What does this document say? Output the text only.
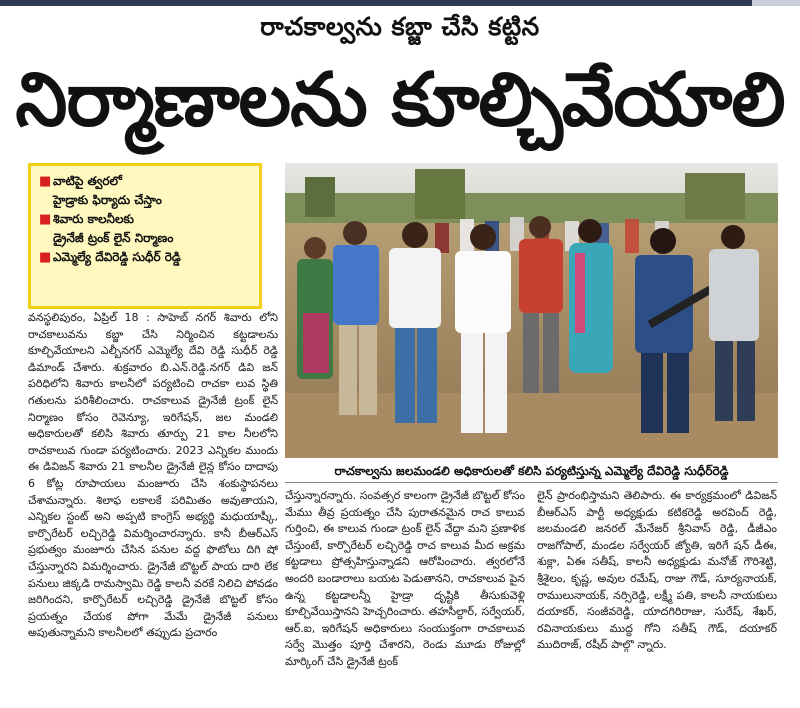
రాచకాల్వను కబ్జా చేసి కట్టిన
నిర్మాణాలను కూల్చివేయాలి
■ వాటిపై త్వరలో
హైడ్రాకు ఫిర్యాదు చేస్తాం
■ శివారు కాలనీలకు
డ్రైనేజీ ట్రంక్ లైన్ నిర్మాణం
■ ఎమ్మెల్యే దేవిరెడ్డి సుధీర్ రెడ్డి
రాచకాల్వను జలమండలి అధికారులతో కలిసి పర్యటిస్తున్న ఎమ్మెల్యే దేవిరెడ్డి సుధీర్‌రెడ్డి

వనస్థలిపురం, ఏప్రిల్ 18 : సాహెబ్ నగర్ శివారు లోని రాచకాలువను కబ్జా చేసి నిర్మించిన కట్టడాలను కూల్చివేయాలని ఎల్బీనగర్ ఎమ్మెల్యే దేవి రెడ్డి సుధీర్ రెడ్డి డిమాండ్ చేశారు. శుక్రవారం బి.ఎన్.రెడ్డి.నగర్ డివి జన్ పరిధిలోని శివారు కాలనీలో పర్యటించి రాచకా లువ స్థితి గతులను పరిశీలించారు. రాచకాలువ డ్రైనేజీ ట్రంక్ లైన్ నిర్మాణం కోసం రెవెన్యూ, ఇరిగేషన్, జల మండలి అధికారులతో కలిసి శివారు తూర్పు 21 కాల నీలలోని రాచకాలువ గుండా పర్యటించారు. 2023 ఎన్నికల ముందు ఈ డివిజన్ శివారు 21 కాలనీల డ్రైనేజీ లైన్ల కోసం దాదాపు 6 కోట్ల రూపాయలు మంజూరు చేసి శంకుస్థాపనలు చేశామన్నారు. శిలాఫ లకాలకే పరిమితం అవుతాయని, ఎన్నికల స్టంట్ అని అప్పటి కాంగ్రెస్ అభ్యర్థి మధుయాష్కీ, కార్పొరేటర్ లచ్చిరెడ్డి విమర్శించారన్నారు. కానీ బీఆర్ఎస్ ప్రభుత్వం మంజూరు చేసిన పనుల వద్ద ఫొటోలు దిగి షో చేస్తున్నారని విమర్శించారు. డ్రైనేజీ బొట్టల్ పాయ దారి లేక పనులు జిక్కడి రామస్వామి రెడ్డి కాలనీ వరకే నిలిచి పోవడం జరిగిందని, కార్పొరేటర్ లచ్చిరెడ్డి డ్రైనేజీ బొట్టల్ కోసం ప్రయత్నం చేయక పోగా మేమే డ్రైనేజీ పనులు అపుతున్నామని కాలనీలలో తప్పుడు ప్రచారం

చేస్తున్నారన్నారు. సంవత్సర కాలంగా డ్రైనేజీ బొట్టల్ కోసం మేము తీవ్ర ప్రయత్నం చేసి పురాతనమైన రాచ కాలువ గుర్తించి, ఈ కాలువ గుండా ట్రంక్ లైన్ వేద్దా మని ప్రణాళిక చేస్తుంటే, కార్పొరేటర్ లచ్చిరెడ్డి రాచ కాలువ మీద అక్రమ కట్టడాలు ప్రోత్సహిస్తున్నాడని ఆరోపించారు. త్వరలోనే అందరి బండారాలు బయట పెడుతానని, రాచకాలువ పైన ఉన్న కట్టడాలన్నీ హైడ్రా దృష్టికి తీసుకువెళ్లి కూల్చివేయిస్తానని హెచ్చరించారు. తహసీల్దార్, సర్వేయర్, ఆర్.ఐ, ఇరిగేషన్ అధికారులు సంయుక్తంగా రాచకాలువ సర్వే మొత్తం పూర్తి చేశారని, రెండు మూడు రోజుల్లో మార్కింగ్ చేసి డ్రైనేజీ ట్రంక్

లైన్ ప్రారంభిస్తామని తెలిపారు. ఈ కార్యక్రమంలో డివిజన్ బీఆర్ఎస్ పార్టీ అధ్యక్షుడు కటికరెడ్డి అరవింద్ రెడ్డి, జలమండలి జనరల్ మేనేజర్ శ్రీనివాస్ రెడ్డి, డీజీఎం రాజగోపాల్, మండల సర్వేయర్ జ్యోతి, ఇరిగే షన్ డీఈ, శుక్లా, ఏఈ సతీష్, కాలనీ అధ్యక్షుడు మనోజ్ గౌరిశెట్టి, శ్రీశైలం, కృష్ణ, అవుల రమేష్, రాజు గౌడ్, సూర్యనాయక్, రాములునాయక్, నర్సిరెడ్డి, లక్ష్మీ పతి, కాలనీ నాయకులు దయాకర్, సంజీవరెడ్డి, యాదగిరిరాజు, సురేష్, శేఖర్, రవినాయకులు ముద్ద గోని సతీష్ గౌడ్, దయాకర్ ముదిరాజ్, రషీద్ పాల్గొ న్నారు.
